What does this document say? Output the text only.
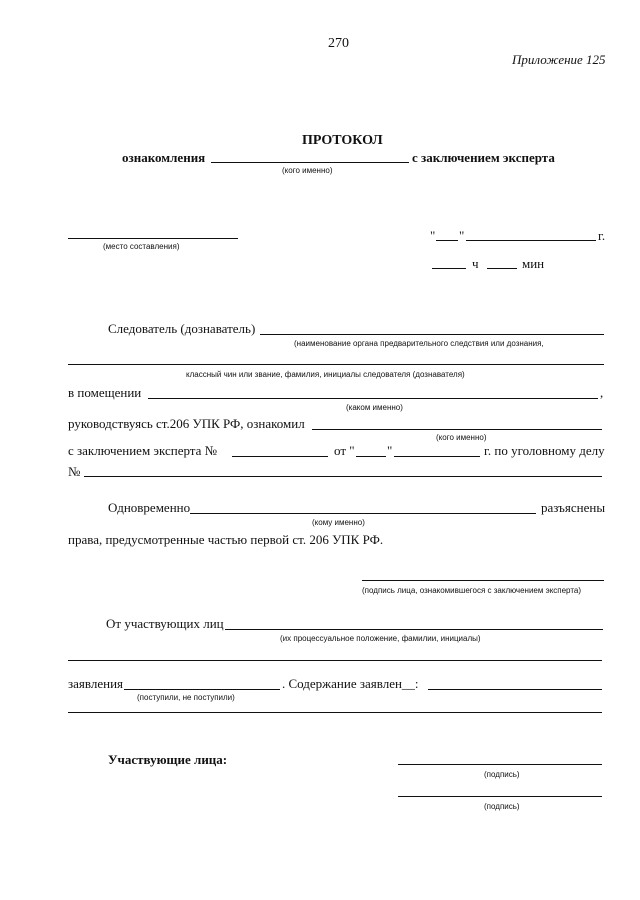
270
Приложение 125
ПРОТОКОЛ
ознакомления	с заключением эксперта
(кого именно)
(место составления)
" "	г.
ч	мин
Следователь (дознаватель)
(наименование органа предварительного следствия или дознания,
классный чин или звание, фамилия, инициалы следователя (дознавателя)
в помещении	,
(каком именно)
руководствуясь ст.206 УПК РФ, ознакомил
(кого именно)
с заключением эксперта №	от " "	г. по уголовному делу
№
Одновременно	разъяснены
(кому именно)
права, предусмотренные частью первой ст. 206 УПК РФ.
(подпись лица, ознакомившегося с заключением эксперта)
От участвующих лиц
(их процессуальное положение, фамилии, инициалы)
заявления	. Содержание заявлен__:
(поступили, не поступили)
Участвующие лица:
(подпись)
(подпись)
